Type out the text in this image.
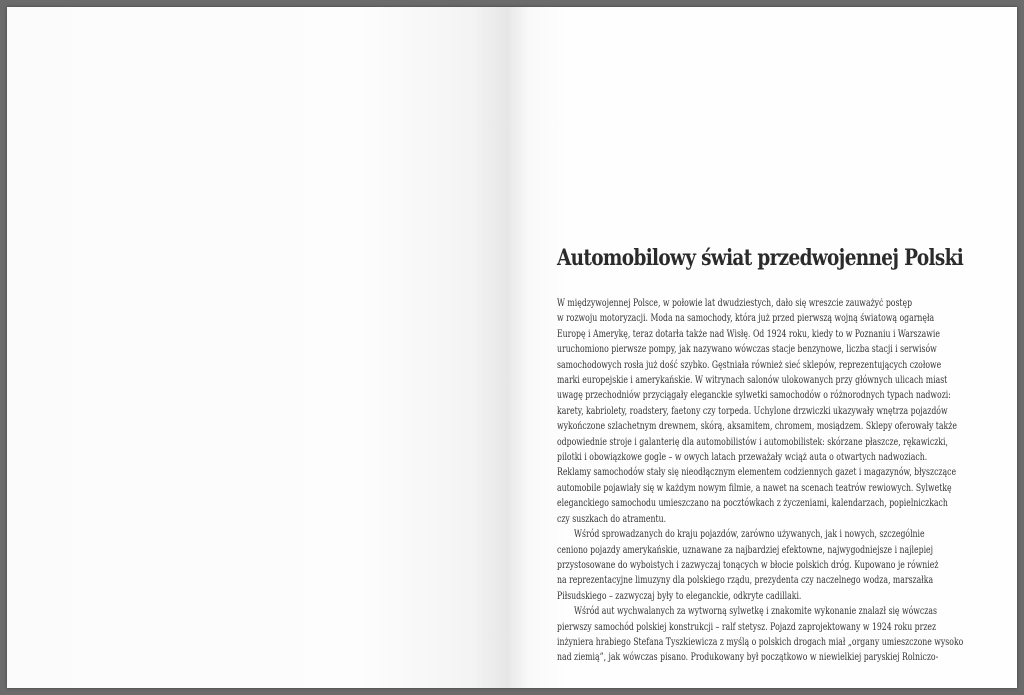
Automobilowy świat przedwojennej Polski
W międzywojennej Polsce, w połowie lat dwudziestych, dało się wreszcie zauważyć postęp
w rozwoju motoryzacji. Moda na samochody, która już przed pierwszą wojną światową ogarnęła
Europę i Amerykę, teraz dotarła także nad Wisłę. Od 1924 roku, kiedy to w Poznaniu i Warszawie
uruchomiono pierwsze pompy, jak nazywano wówczas stacje benzynowe, liczba stacji i serwisów
samochodowych rosła już dość szybko. Gęstniała również sieć sklepów, reprezentujących czołowe
marki europejskie i amerykańskie. W witrynach salonów ulokowanych przy głównych ulicach miast
uwagę przechodniów przyciągały eleganckie sylwetki samochodów o różnorodnych typach nadwozi:
karety, kabriolety, roadstery, faetony czy torpeda. Uchylone drzwiczki ukazywały wnętrza pojazdów
wykończone szlachetnym drewnem, skórą, aksamitem, chromem, mosiądzem. Sklepy oferowały także
odpowiednie stroje i galanterię dla automobilistów i automobilistek: skórzane płaszcze, rękawiczki,
pilotki i obowiązkowe gogle – w owych latach przeważały wciąż auta o otwartych nadwoziach.
Reklamy samochodów stały się nieodłącznym elementem codziennych gazet i magazynów, błyszczące
automobile pojawiały się w każdym nowym filmie, a nawet na scenach teatrów rewiowych. Sylwetkę
eleganckiego samochodu umieszczano na pocztówkach z życzeniami, kalendarzach, popielniczkach
czy suszkach do atramentu.
Wśród sprowadzanych do kraju pojazdów, zarówno używanych, jak i nowych, szczególnie
ceniono pojazdy amerykańskie, uznawane za najbardziej efektowne, najwygodniejsze i najlepiej
przystosowane do wyboistych i zazwyczaj tonących w błocie polskich dróg. Kupowano je również
na reprezentacyjne limuzyny dla polskiego rządu, prezydenta czy naczelnego wodza, marszałka
Piłsudskiego – zazwyczaj były to eleganckie, odkryte cadillaki.
Wśród aut wychwalanych za wytworną sylwetkę i znakomite wykonanie znalazł się wówczas
pierwszy samochód polskiej konstrukcji – ralf stetysz. Pojazd zaprojektowany w 1924 roku przez
inżyniera hrabiego Stefana Tyszkiewicza z myślą o polskich drogach miał „organy umieszczone wysoko
nad ziemią”, jak wówczas pisano. Produkowany był początkowo w niewielkiej paryskiej Rolniczo-
